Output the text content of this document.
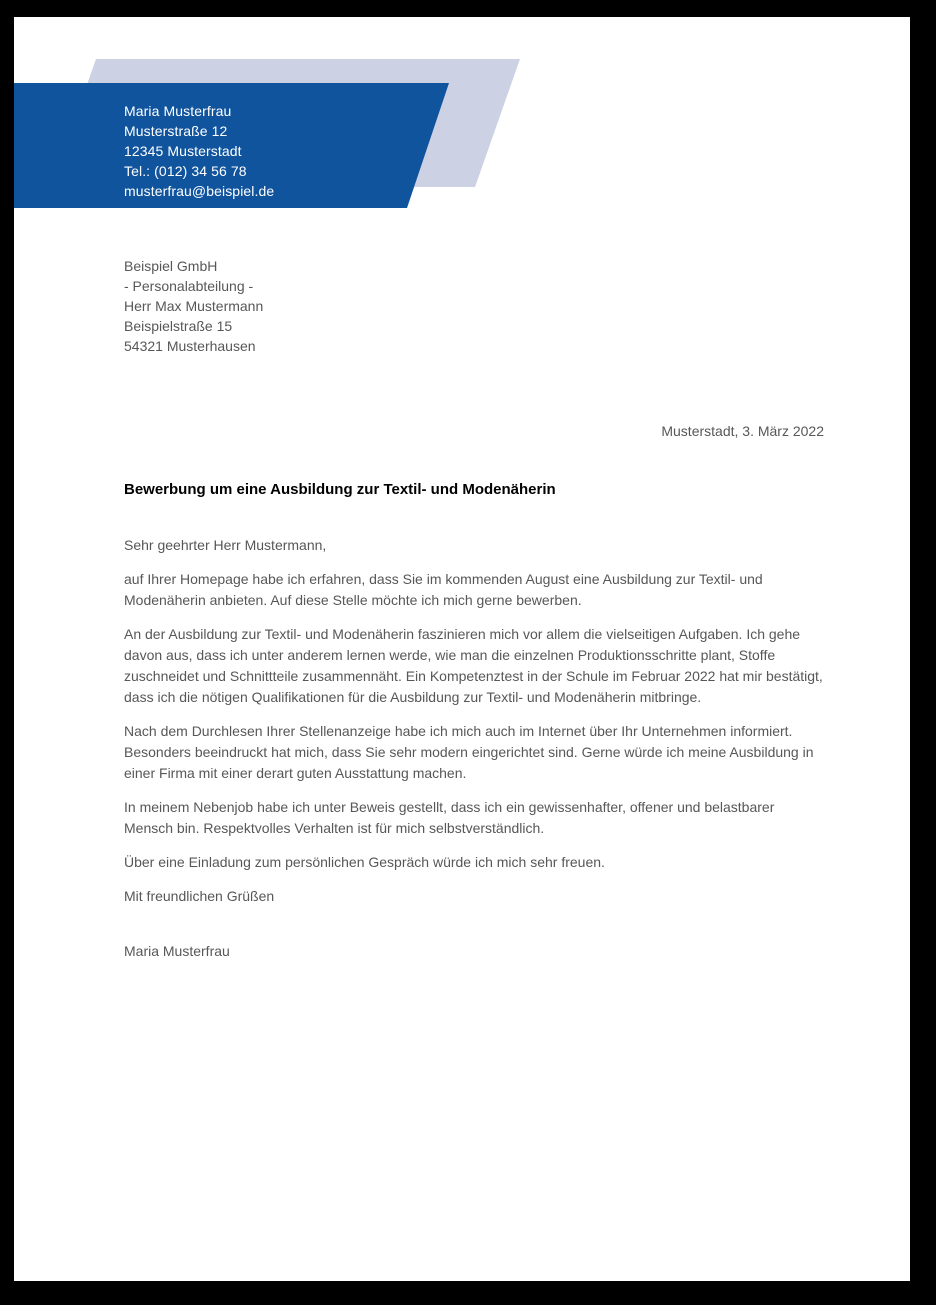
Maria Musterfrau
Musterstraße 12
12345 Musterstadt
Tel.: (012) 34 56 78
musterfrau@beispiel.de
Beispiel GmbH
- Personalabteilung -
Herr Max Mustermann
Beispielstraße 15
54321 Musterhausen
Musterstadt, 3. März 2022
Bewerbung um eine Ausbildung zur Textil- und Modenäherin

Sehr geehrter Herr Mustermann,

auf Ihrer Homepage habe ich erfahren, dass Sie im kommenden August eine Ausbildung zur Textil- und Modenäherin anbieten. Auf diese Stelle möchte ich mich gerne bewerben.

An der Ausbildung zur Textil- und Modenäherin faszinieren mich vor allem die vielseitigen Aufgaben. Ich gehe davon aus, dass ich unter anderem lernen werde, wie man die einzelnen Produktionsschritte plant, Stoffe zuschneidet und Schnittteile zusammennäht. Ein Kompetenztest in der Schule im Februar 2022 hat mir bestätigt, dass ich die nötigen Qualifikationen für die Ausbildung zur Textil- und Modenäherin mitbringe.

Nach dem Durchlesen Ihrer Stellenanzeige habe ich mich auch im Internet über Ihr Unternehmen informiert. Besonders beeindruckt hat mich, dass Sie sehr modern eingerichtet sind. Gerne würde ich meine Ausbildung in einer Firma mit einer derart guten Ausstattung machen.

In meinem Nebenjob habe ich unter Beweis gestellt, dass ich ein gewissenhafter, offener und belastbarer Mensch bin. Respektvolles Verhalten ist für mich selbstverständlich.

Über eine Einladung zum persönlichen Gespräch würde ich mich sehr freuen.

Mit freundlichen Grüßen

Maria Musterfrau
